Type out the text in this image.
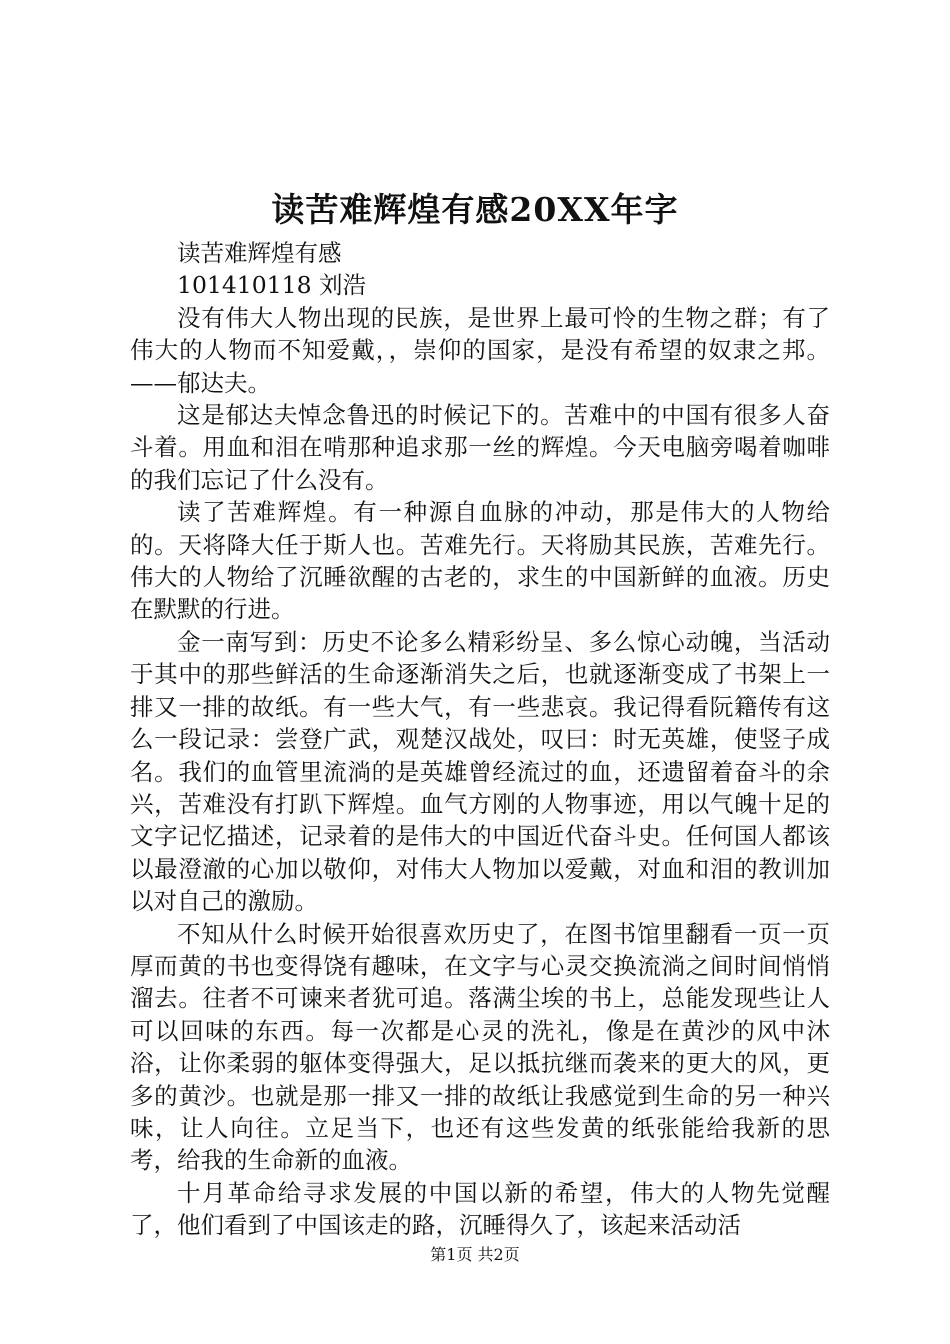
读苦难辉煌有感20XX年字

读苦难辉煌有感

101410118 刘浩

没有伟大人物出现的民族，是世界上最可怜的生物之群；有了伟大的人物而不知爱戴，，崇仰的国家，是没有希望的奴隶之邦。——郁达夫。

这是郁达夫悼念鲁迅的时候记下的。苦难中的中国有很多人奋斗着。用血和泪在啃那种追求那一丝的辉煌。今天电脑旁喝着咖啡的我们忘记了什么没有。

读了苦难辉煌。有一种源自血脉的冲动，那是伟大的人物给的。天将降大任于斯人也。苦难先行。天将励其民族，苦难先行。伟大的人物给了沉睡欲醒的古老的，求生的中国新鲜的血液。历史在默默的行进。

金一南写到：历史不论多么精彩纷呈、多么惊心动魄，当活动于其中的那些鲜活的生命逐渐消失之后，也就逐渐变成了书架上一排又一排的故纸。有一些大气，有一些悲哀。我记得看阮籍传有这么一段记录：尝登广武，观楚汉战处，叹曰：时无英雄，使竖子成名。我们的血管里流淌的是英雄曾经流过的血，还遗留着奋斗的余兴，苦难没有打趴下辉煌。血气方刚的人物事迹，用以气魄十足的文字记忆描述，记录着的是伟大的中国近代奋斗史。任何国人都该以最澄澈的心加以敬仰，对伟大人物加以爱戴，对血和泪的教训加以对自己的激励。

不知从什么时候开始很喜欢历史了，在图书馆里翻看一页一页厚而黄的书也变得饶有趣味，在文字与心灵交换流淌之间时间悄悄溜去。往者不可谏来者犹可追。落满尘埃的书上，总能发现些让人可以回味的东西。每一次都是心灵的洗礼，像是在黄沙的风中沐浴，让你柔弱的躯体变得强大，足以抵抗继而袭来的更大的风，更多的黄沙。也就是那一排又一排的故纸让我感觉到生命的另一种兴味，让人向往。立足当下，也还有这些发黄的纸张能给我新的思考，给我的生命新的血液。

十月革命给寻求发展的中国以新的希望，伟大的人物先觉醒了，他们看到了中国该走的路，沉睡得久了，该起来活动活

第1页 共2页
